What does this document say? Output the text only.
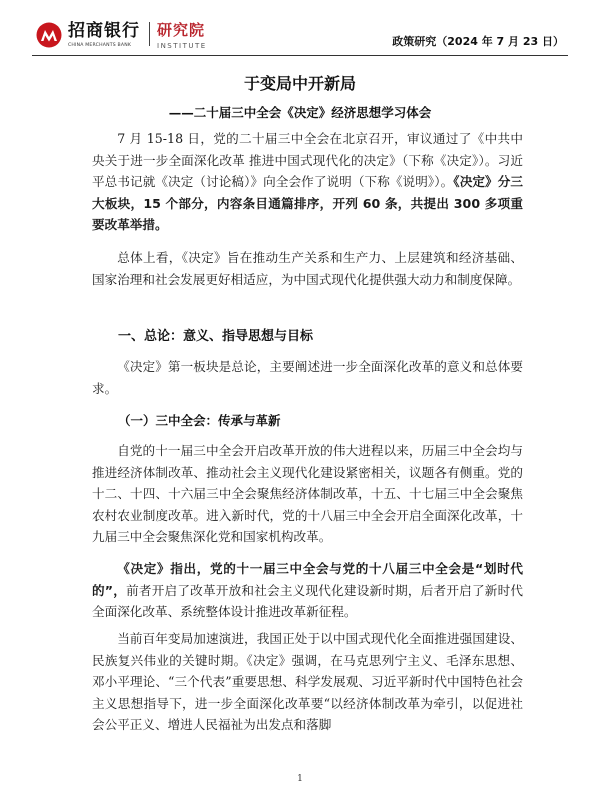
招商银行
CHINA MERCHANTS BANK
研究院
INSTITUTE	政策研究（2024 年 7 月 23 日）
于变局中开新局
——二十届三中全会《决定》经济思想学习体会

7 月 15-18 日，党的二十届三中全会在北京召开，审议通过了《中共中央关于进一步全面深化改革 推进中国式现代化的决定》（下称《决定》）。习近平总书记就《决定（讨论稿）》向全会作了说明（下称《说明》）。《决定》分三大板块，15 个部分，内容条目通篇排序，开列 60 条，共提出 300 多项重要改革举措。

总体上看，《决定》旨在推动生产关系和生产力、上层建筑和经济基础、国家治理和社会发展更好相适应，为中国式现代化提供强大动力和制度保障。

一、总论：意义、指导思想与目标

《决定》第一板块是总论，主要阐述进一步全面深化改革的意义和总体要求。

（一）三中全会：传承与革新

自党的十一届三中全会开启改革开放的伟大进程以来，历届三中全会均与推进经济体制改革、推动社会主义现代化建设紧密相关，议题各有侧重。党的十二、十四、十六届三中全会聚焦经济体制改革，十五、十七届三中全会聚焦农村农业制度改革。进入新时代，党的十八届三中全会开启全面深化改革，十九届三中全会聚焦深化党和国家机构改革。

《决定》指出，党的十一届三中全会与党的十八届三中全会是“划时代的”，前者开启了改革开放和社会主义现代化建设新时期，后者开启了新时代全面深化改革、系统整体设计推进改革新征程。

当前百年变局加速演进，我国正处于以中国式现代化全面推进强国建设、民族复兴伟业的关键时期。《决定》强调，在马克思列宁主义、毛泽东思想、邓小平理论、“三个代表”重要思想、科学发展观、习近平新时代中国特色社会主义思想指导下，进一步全面深化改革要“以经济体制改革为牵引，以促进社会公平正义、增进人民福祉为出发点和落脚

1
